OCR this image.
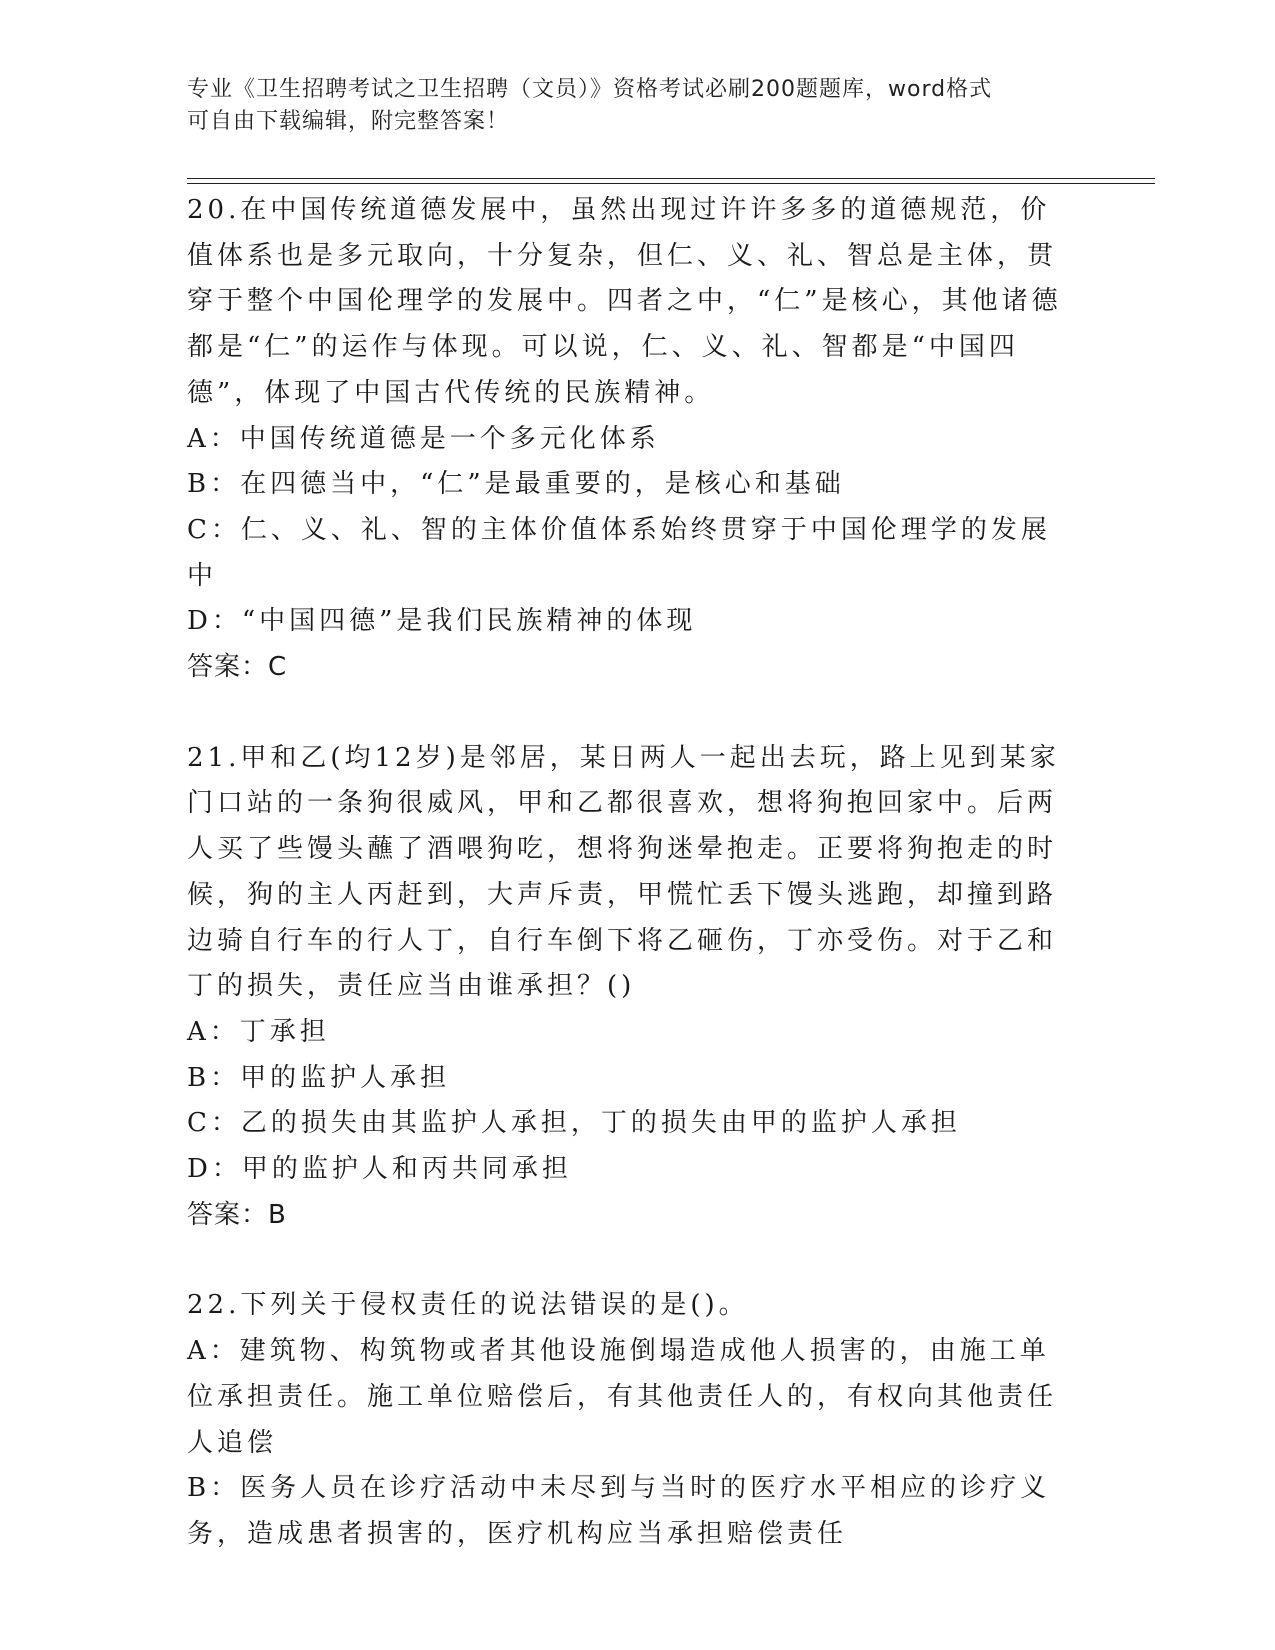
专业《卫生招聘考试之卫生招聘（文员）》资格考试必刷200题题库，word格式
可自由下载编辑，附完整答案！

20.在中国传统道德发展中，虽然出现过许许多多的道德规范，价值体系也是多元取向，十分复杂，但仁、义、礼、智总是主体，贯穿于整个中国伦理学的发展中。四者之中，“仁”是核心，其他诸德都是“仁”的运作与体现。可以说，仁、义、礼、智都是“中国四德”，体现了中国古代传统的民族精神。

A：中国传统道德是一个多元化体系

B：在四德当中，“仁”是最重要的，是核心和基础

C：仁、义、礼、智的主体价值体系始终贯穿于中国伦理学的发展中

D：“中国四德”是我们民族精神的体现

答案：C

21.甲和乙(均12岁)是邻居，某日两人一起出去玩，路上见到某家门口站的一条狗很威风，甲和乙都很喜欢，想将狗抱回家中。后两人买了些馒头蘸了酒喂狗吃，想将狗迷晕抱走。正要将狗抱走的时候，狗的主人丙赶到，大声斥责，甲慌忙丢下馒头逃跑，却撞到路边骑自行车的行人丁，自行车倒下将乙砸伤，丁亦受伤。对于乙和丁的损失，责任应当由谁承担？()

A：丁承担

B：甲的监护人承担

C：乙的损失由其监护人承担，丁的损失由甲的监护人承担

D：甲的监护人和丙共同承担

答案：B

22.下列关于侵权责任的说法错误的是()。

A：建筑物、构筑物或者其他设施倒塌造成他人损害的，由施工单位承担责任。施工单位赔偿后，有其他责任人的，有权向其他责任人追偿

B：医务人员在诊疗活动中未尽到与当时的医疗水平相应的诊疗义务，造成患者损害的，医疗机构应当承担赔偿责任
